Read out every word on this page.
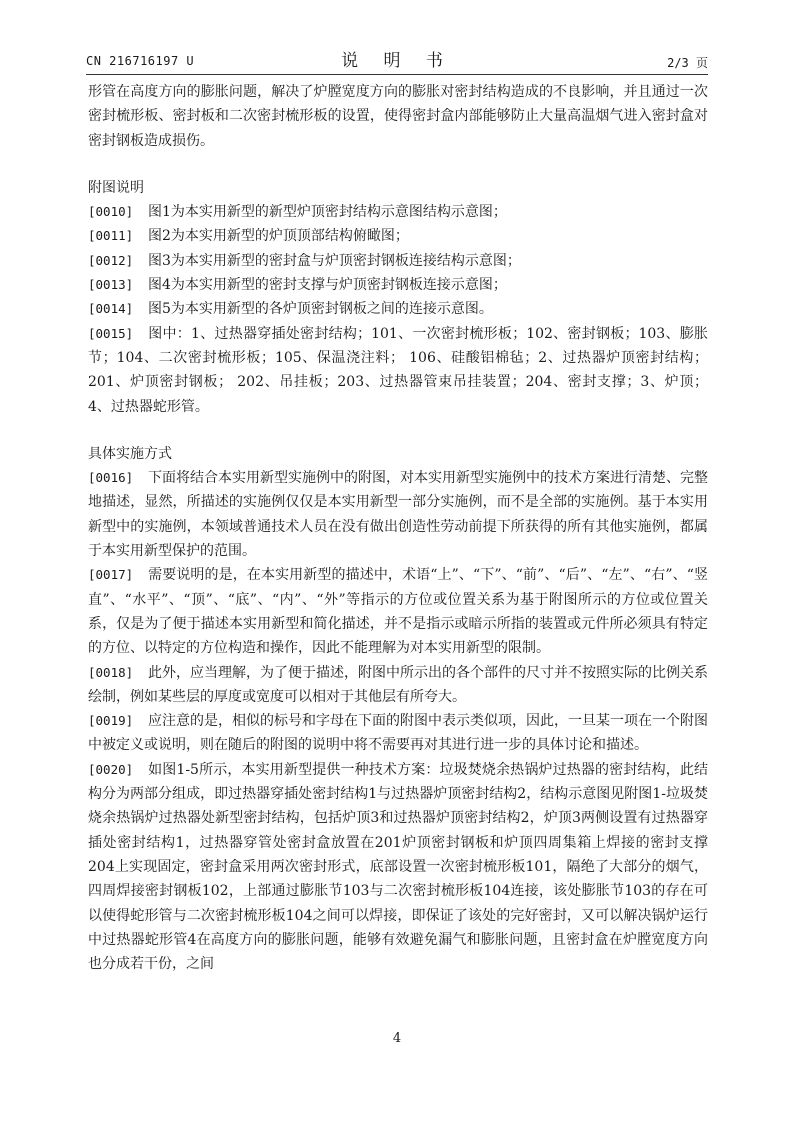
CN 216716197 U	说 明 书	2/3 页

形管在高度方向的膨胀问题，解决了炉膛宽度方向的膨胀对密封结构造成的不良影响，并且通过一次密封梳形板、密封板和二次密封梳形板的设置，使得密封盒内部能够防止大量高温烟气进入密封盒对密封钢板造成损伤。

附图说明

[0010] 图1为本实用新型的新型炉顶密封结构示意图结构示意图；

[0011] 图2为本实用新型的炉顶顶部结构俯瞰图；

[0012] 图3为本实用新型的密封盒与炉顶密封钢板连接结构示意图；

[0013] 图4为本实用新型的密封支撑与炉顶密封钢板连接示意图；

[0014] 图5为本实用新型的各炉顶密封钢板之间的连接示意图。

[0015] 图中：1、过热器穿插处密封结构；101、一次密封梳形板；102、密封钢板；103、膨胀节；104、二次密封梳形板；105、保温浇注料； 106、硅酸铝棉毡；2、过热器炉顶密封结构；201、炉顶密封钢板； 202、吊挂板；203、过热器管束吊挂装置；204、密封支撑；3、炉顶； 4、过热器蛇形管。

具体实施方式

[0016] 下面将结合本实用新型实施例中的附图，对本实用新型实施例中的技术方案进行清楚、完整地描述，显然，所描述的实施例仅仅是本实用新型一部分实施例，而不是全部的实施例。基于本实用新型中的实施例，本领域普通技术人员在没有做出创造性劳动前提下所获得的所有其他实施例，都属于本实用新型保护的范围。

[0017] 需要说明的是，在本实用新型的描述中，术语“上”、“下”、“前”、“后”、“左”、“右”、“竖直”、“水平”、“顶”、“底”、“内”、“外”等指示的方位或位置关系为基于附图所示的方位或位置关系，仅是为了便于描述本实用新型和简化描述，并不是指示或暗示所指的装置或元件所必须具有特定的方位、以特定的方位构造和操作，因此不能理解为对本实用新型的限制。

[0018] 此外，应当理解，为了便于描述，附图中所示出的各个部件的尺寸并不按照实际的比例关系绘制，例如某些层的厚度或宽度可以相对于其他层有所夸大。

[0019] 应注意的是，相似的标号和字母在下面的附图中表示类似项，因此，一旦某一项在一个附图中被定义或说明，则在随后的附图的说明中将不需要再对其进行进一步的具体讨论和描述。

[0020] 如图1-5所示，本实用新型提供一种技术方案：垃圾焚烧余热锅炉过热器的密封结构，此结构分为两部分组成，即过热器穿插处密封结构1与过热器炉顶密封结构2，结构示意图见附图1-垃圾焚烧余热锅炉过热器处新型密封结构，包括炉顶3和过热器炉顶密封结构2，炉顶3两侧设置有过热器穿插处密封结构1，过热器穿管处密封盒放置在201炉顶密封钢板和炉顶四周集箱上焊接的密封支撑204上实现固定，密封盒采用两次密封形式，底部设置一次密封梳形板101，隔绝了大部分的烟气，四周焊接密封钢板102，上部通过膨胀节103与二次密封梳形板104连接，该处膨胀节103的存在可以使得蛇形管与二次密封梳形板104之间可以焊接，即保证了该处的完好密封，又可以解决锅炉运行中过热器蛇形管4在高度方向的膨胀问题，能够有效避免漏气和膨胀问题，且密封盒在炉膛宽度方向也分成若干份，之间

4
